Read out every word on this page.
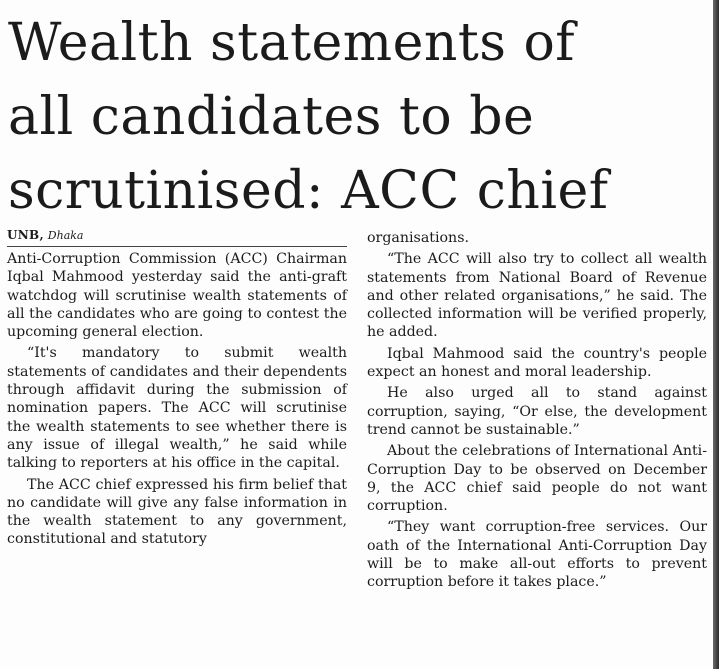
Wealth statements of
all candidates to be
scrutinised: ACC chief
UNB, Dhaka

Anti-Corruption Commission (ACC) Chairman Iqbal Mahmood yesterday said the anti-graft watchdog will scrutinise wealth statements of all the candidates who are going to contest the upcoming general election.

“It's mandatory to submit wealth statements of candidates and their dependents through affidavit during the submission of nomination papers. The ACC will scrutinise the wealth statements to see whether there is any issue of illegal wealth,” he said while talking to reporters at his office in the capital.

The ACC chief expressed his firm belief that no candidate will give any false information in the wealth statement to any government, constitutional and statutory

organisations.

“The ACC will also try to collect all wealth statements from National Board of Revenue and other related organisations,” he said. The collected information will be verified properly, he added.

Iqbal Mahmood said the country's people expect an honest and moral leadership.

He also urged all to stand against corruption, saying, “Or else, the development trend cannot be sustainable.”

About the celebrations of International Anti-Corruption Day to be observed on December 9, the ACC chief said people do not want corruption.

“They want corruption-free services. Our oath of the International Anti-Corruption Day will be to make all-out efforts to prevent corruption before it takes place.”
